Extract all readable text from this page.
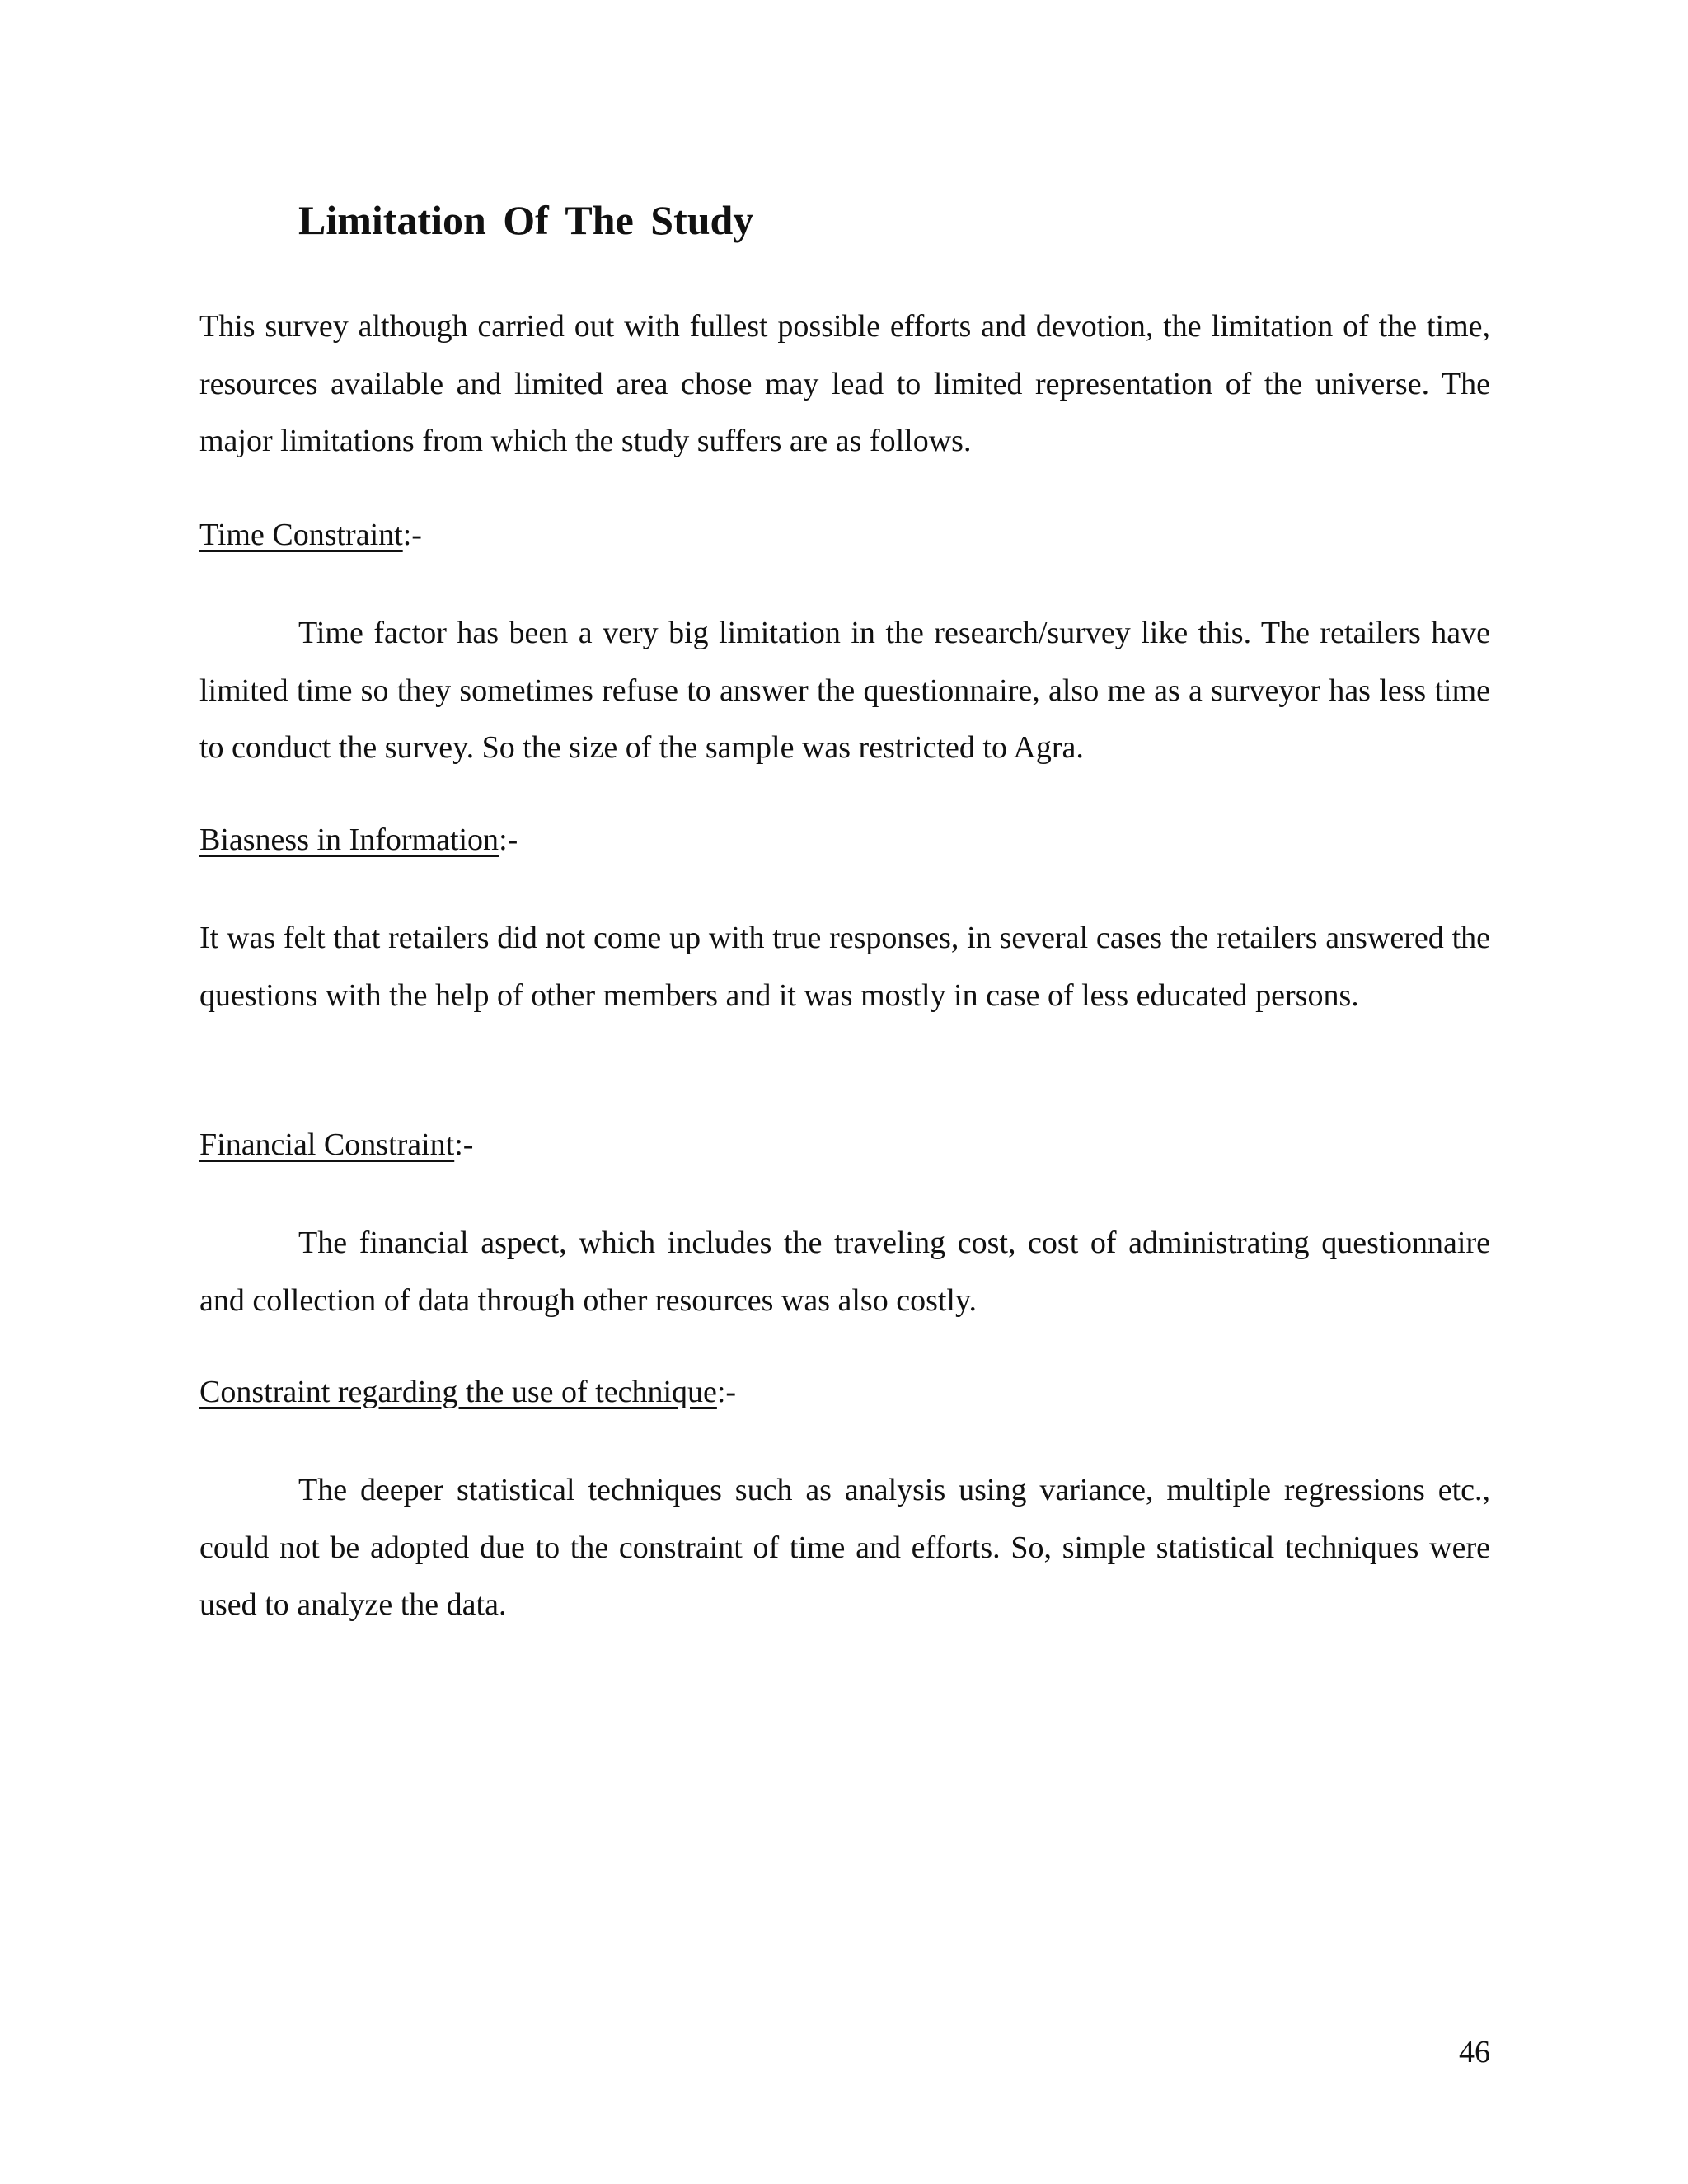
Limitation Of The Study

This survey although carried out with fullest possible efforts and devotion, the limitation of the time, resources available and limited area chose may lead to limited representation of the universe. The major limitations from which the study suffers are as follows.

Time Constraint:-

Time factor has been a very big limitation in the research/survey like this. The retailers have limited time so they sometimes refuse to answer the questionnaire, also me as a surveyor has less time to conduct the survey. So the size of the sample was restricted to Agra.

Biasness in Information:-

It was felt that retailers did not come up with true responses, in several cases the retailers answered the questions with the help of other members and it was mostly in case of less educated persons.

Financial Constraint:-

The financial aspect, which includes the traveling cost, cost of administrating questionnaire and collection of data through other resources was also costly.

Constraint regarding the use of technique:-

The deeper statistical techniques such as analysis using variance, multiple regressions etc., could not be adopted due to the constraint of time and efforts. So, simple statistical techniques were used to analyze the data.

46
